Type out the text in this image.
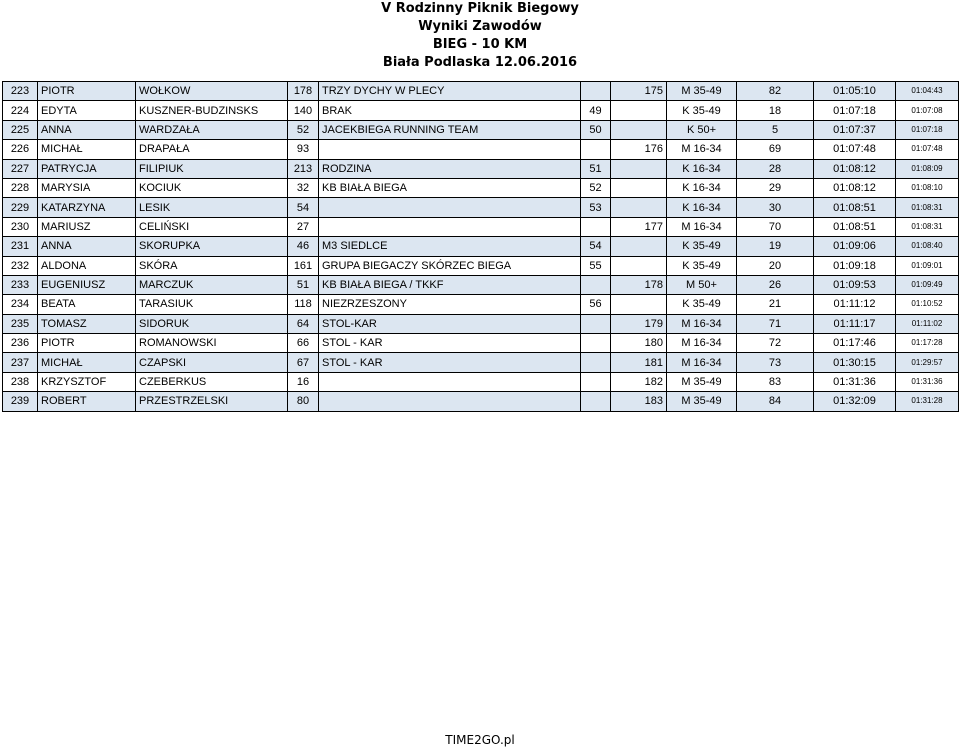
V Rodzinny Piknik Biegowy
Wyniki Zawodów
BIEG - 10 KM
Biała Podlaska 12.06.2016
223	PIOTR	WOŁKOW	178	TRZY DYCHY W PLECY		175	M 35-49	82	01:05:10	01:04:43
224	EDYTA	KUSZNER-BUDZINSKS	140	BRAK	49		K 35-49	18	01:07:18	01:07:08
225	ANNA	WARDZAŁA	52	JACEKBIEGA RUNNING TEAM	50		K 50+	5	01:07:37	01:07:18
226	MICHAŁ	DRAPAŁA	93			176	M 16-34	69	01:07:48	01:07:48
227	PATRYCJA	FILIPIUK	213	RODZINA	51		K 16-34	28	01:08:12	01:08:09
228	MARYSIA	KOCIUK	32	KB BIAŁA BIEGA	52		K 16-34	29	01:08:12	01:08:10
229	KATARZYNA	LESIK	54		53		K 16-34	30	01:08:51	01:08:31
230	MARIUSZ	CELIŃSKI	27			177	M 16-34	70	01:08:51	01:08:31
231	ANNA	SKORUPKA	46	M3 SIEDLCE	54		K 35-49	19	01:09:06	01:08:40
232	ALDONA	SKÓRA	161	GRUPA BIEGACZY SKÓRZEC BIEGA	55		K 35-49	20	01:09:18	01:09:01
233	EUGENIUSZ	MARCZUK	51	KB BIAŁA BIEGA / TKKF		178	M 50+	26	01:09:53	01:09:49
234	BEATA	TARASIUK	118	NIEZRZESZONY	56		K 35-49	21	01:11:12	01:10:52
235	TOMASZ	SIDORUK	64	STOL-KAR		179	M 16-34	71	01:11:17	01:11:02
236	PIOTR	ROMANOWSKI	66	STOL - KAR		180	M 16-34	72	01:17:46	01:17:28
237	MICHAŁ	CZAPSKI	67	STOL - KAR		181	M 16-34	73	01:30:15	01:29:57
238	KRZYSZTOF	CZEBERKUS	16			182	M 35-49	83	01:31:36	01:31:36
239	ROBERT	PRZESTRZELSKI	80			183	M 35-49	84	01:32:09	01:31:28
TIME2GO.pl
